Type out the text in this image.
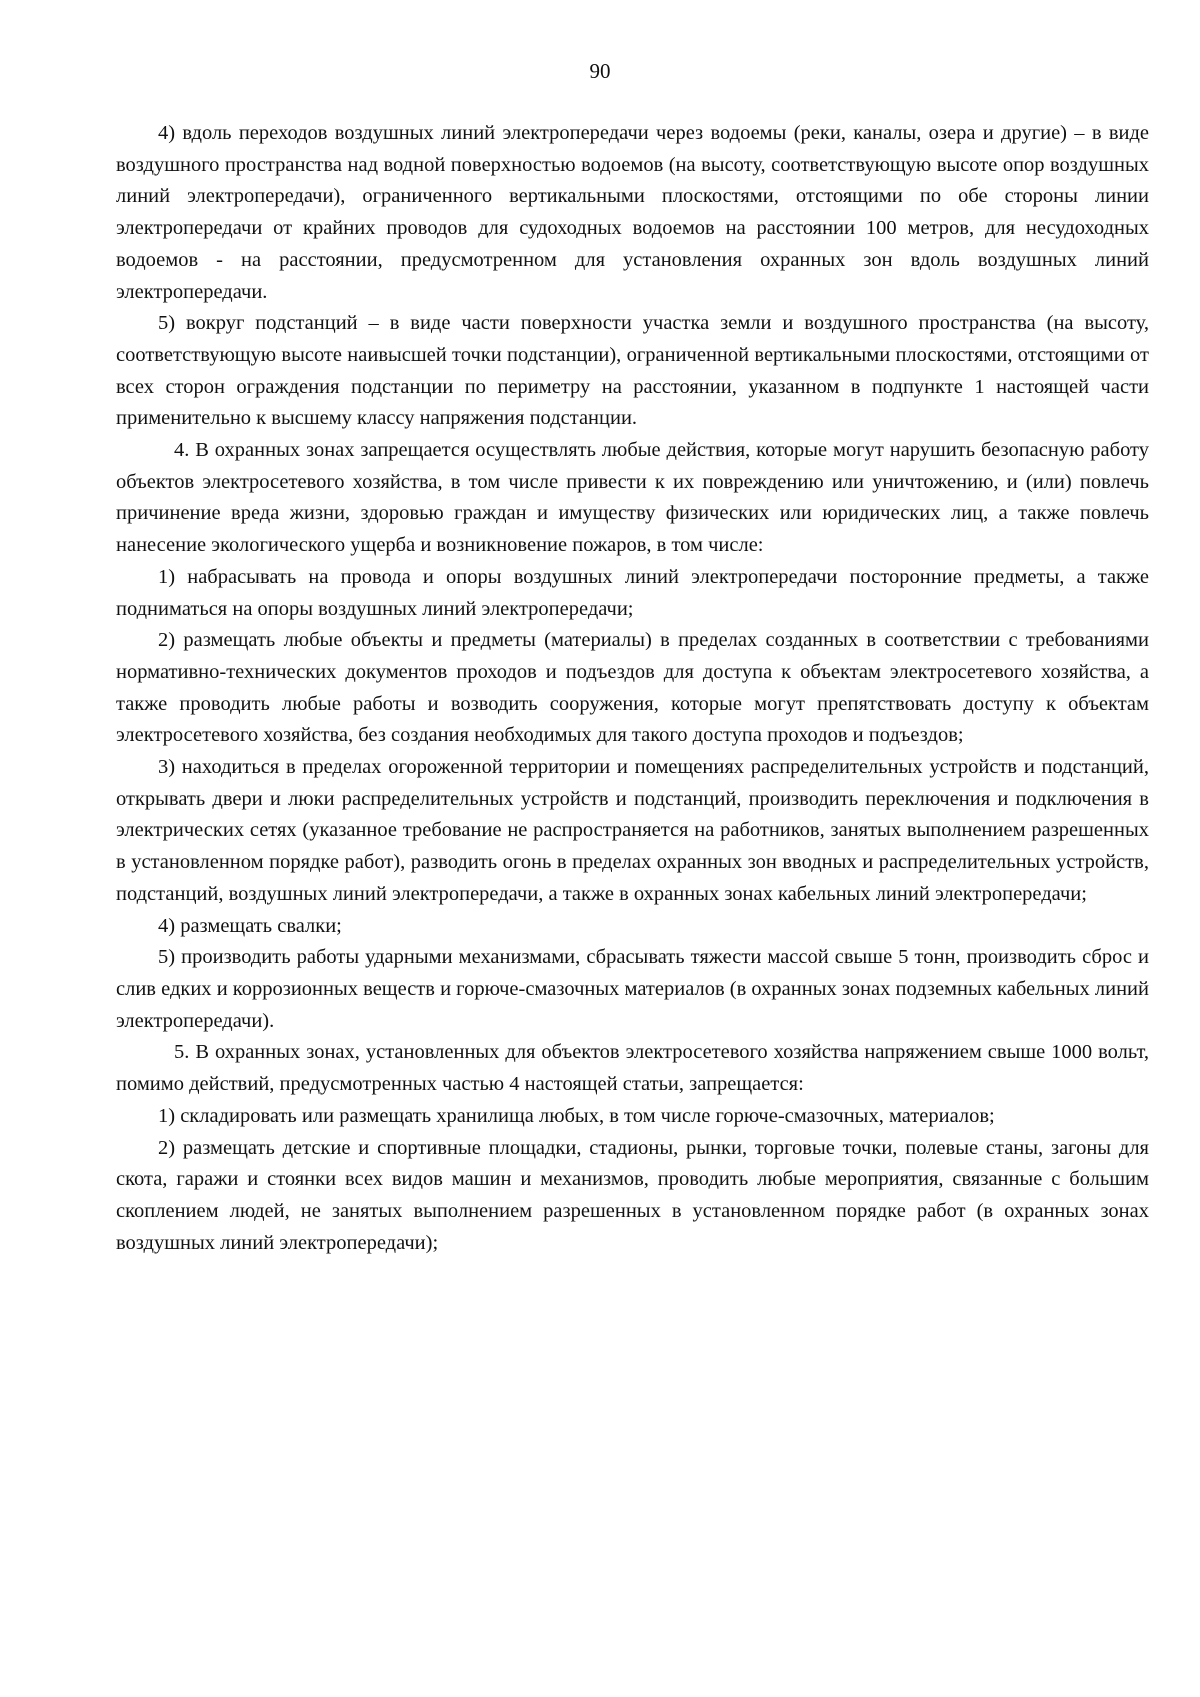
90

4) вдоль переходов воздушных линий электропередачи через водоемы (реки, каналы, озера и другие) – в виде воздушного пространства над водной поверхностью водоемов (на высоту, соответствующую высоте опор воздушных линий электропередачи), ограниченного вертикальными плоскостями, отстоящими по обе стороны линии электропередачи от крайних проводов для судоходных водоемов на расстоянии 100 метров, для несудоходных водоемов - на расстоянии, предусмотренном для установления охранных зон вдоль воздушных линий электропередачи.

5) вокруг подстанций – в виде части поверхности участка земли и воздушного пространства (на высоту, соответствующую высоте наивысшей точки подстанции), ограниченной вертикальными плоскостями, отстоящими от всех сторон ограждения подстанции по периметру на расстоянии, указанном в подпункте 1 настоящей части применительно к высшему классу напряжения подстанции.

4. В охранных зонах запрещается осуществлять любые действия, которые могут нарушить безопасную работу объектов электросетевого хозяйства, в том числе привести к их повреждению или уничтожению, и (или) повлечь причинение вреда жизни, здоровью граждан и имуществу физических или юридических лиц, а также повлечь нанесение экологического ущерба и возникновение пожаров, в том числе:

1) набрасывать на провода и опоры воздушных линий электропередачи посторонние предметы, а также подниматься на опоры воздушных линий электропередачи;

2) размещать любые объекты и предметы (материалы) в пределах созданных в соответствии с требованиями нормативно-технических документов проходов и подъездов для доступа к объектам электросетевого хозяйства, а также проводить любые работы и возводить сооружения, которые могут препятствовать доступу к объектам электросетевого хозяйства, без создания необходимых для такого доступа проходов и подъездов;

3) находиться в пределах огороженной территории и помещениях распределительных устройств и подстанций, открывать двери и люки распределительных устройств и подстанций, производить переключения и подключения в электрических сетях (указанное требование не распространяется на работников, занятых выполнением разрешенных в установленном порядке работ), разводить огонь в пределах охранных зон вводных и распределительных устройств, подстанций, воздушных линий электропередачи, а также в охранных зонах кабельных линий электропередачи;

4) размещать свалки;

5) производить работы ударными механизмами, сбрасывать тяжести массой свыше 5 тонн, производить сброс и слив едких и коррозионных веществ и горюче-смазочных материалов (в охранных зонах подземных кабельных линий электропередачи).

5. В охранных зонах, установленных для объектов электросетевого хозяйства напряжением свыше 1000 вольт, помимо действий, предусмотренных частью 4 настоящей статьи, запрещается:

1) складировать или размещать хранилища любых, в том числе горюче-смазочных, материалов;

2) размещать детские и спортивные площадки, стадионы, рынки, торговые точки, полевые станы, загоны для скота, гаражи и стоянки всех видов машин и механизмов, проводить любые мероприятия, связанные с большим скоплением людей, не занятых выполнением разрешенных в установленном порядке работ (в охранных зонах воздушных линий электропередачи);
